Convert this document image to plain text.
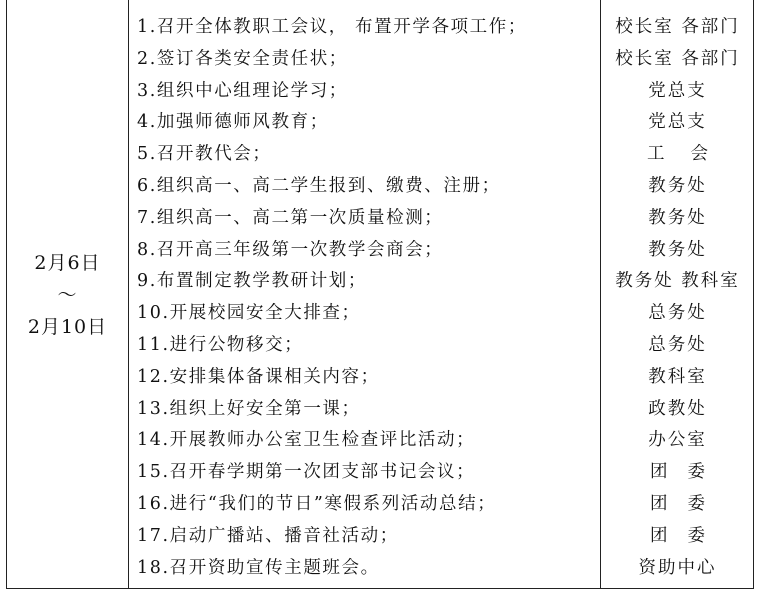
2月6日
～
2月10日
1.召开全体教职工会议， 布置开学各项工作；
2.签订各类安全责任状；
3.组织中心组理论学习；
4.加强师德师风教育；
5.召开教代会；
6.组织高一、高二学生报到、缴费、注册；
7.组织高一、高二第一次质量检测；
8.召开高三年级第一次教学会商会；
9.布置制定教学教研计划；
10.开展校园安全大排查；
11.进行公物移交；
12.安排集体备课相关内容；
13.组织上好安全第一课；
14.开展教师办公室卫生检查评比活动；
15.召开春学期第一次团支部书记会议；
16.进行“我们的节日”寒假系列活动总结；
17.启动广播站、播音社活动；
18.召开资助宣传主题班会。
校长室 各部门
校长室 各部门
党总支
党总支
工会
教务处
教务处
教务处
教务处 教科室
总务处
总务处
教科室
政教处
办公室
团委
团委
团委
资助中心
